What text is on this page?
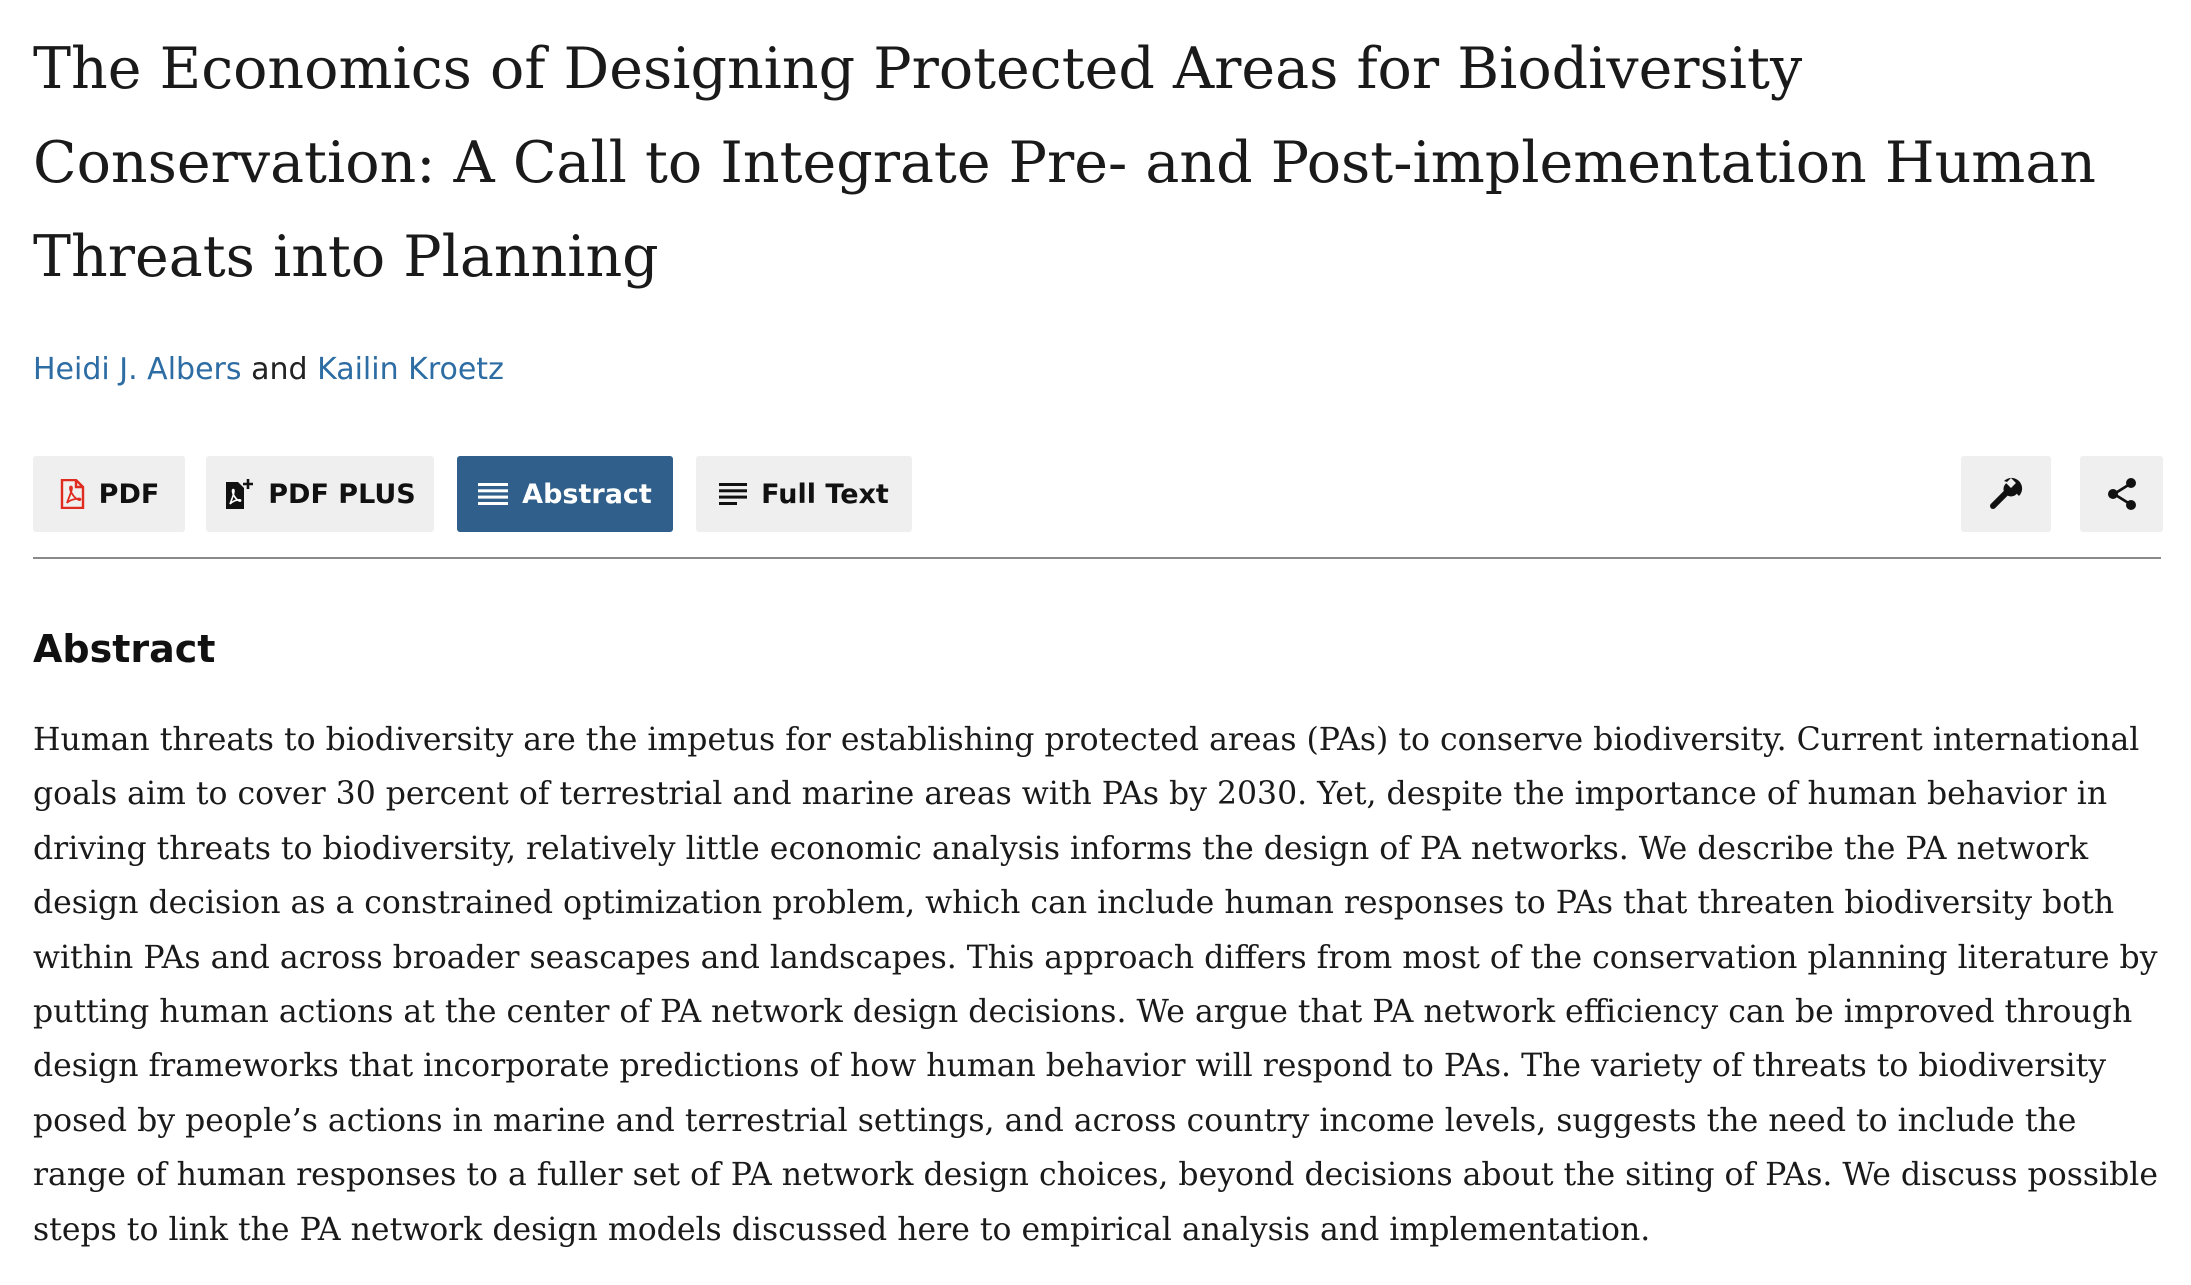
The Economics of Designing Protected Areas for Biodiversity Conservation: A Call to Integrate Pre- and Post-implementation Human Threats into Planning
Heidi J. Albers and Kailin Kroetz
PDF	PDF PLUS	Abstract	Full Text
Abstract

Human threats to biodiversity are the impetus for establishing protected areas (PAs) to conserve biodiversity. Current international goals aim to cover 30 percent of terrestrial and marine areas with PAs by 2030. Yet, despite the importance of human behavior in driving threats to biodiversity, relatively little economic analysis informs the design of PA networks. We describe the PA network design decision as a constrained optimization problem, which can include human responses to PAs that threaten biodiversity both within PAs and across broader seascapes and landscapes. This approach differs from most of the conservation planning literature by putting human actions at the center of PA network design decisions. We argue that PA network efficiency can be improved through design frameworks that incorporate predictions of how human behavior will respond to PAs. The variety of threats to biodiversity posed by people’s actions in marine and terrestrial settings, and across country income levels, suggests the need to include the range of human responses to a fuller set of PA network design choices, beyond decisions about the siting of PAs. We discuss possible steps to link the PA network design models discussed here to empirical analysis and implementation.
